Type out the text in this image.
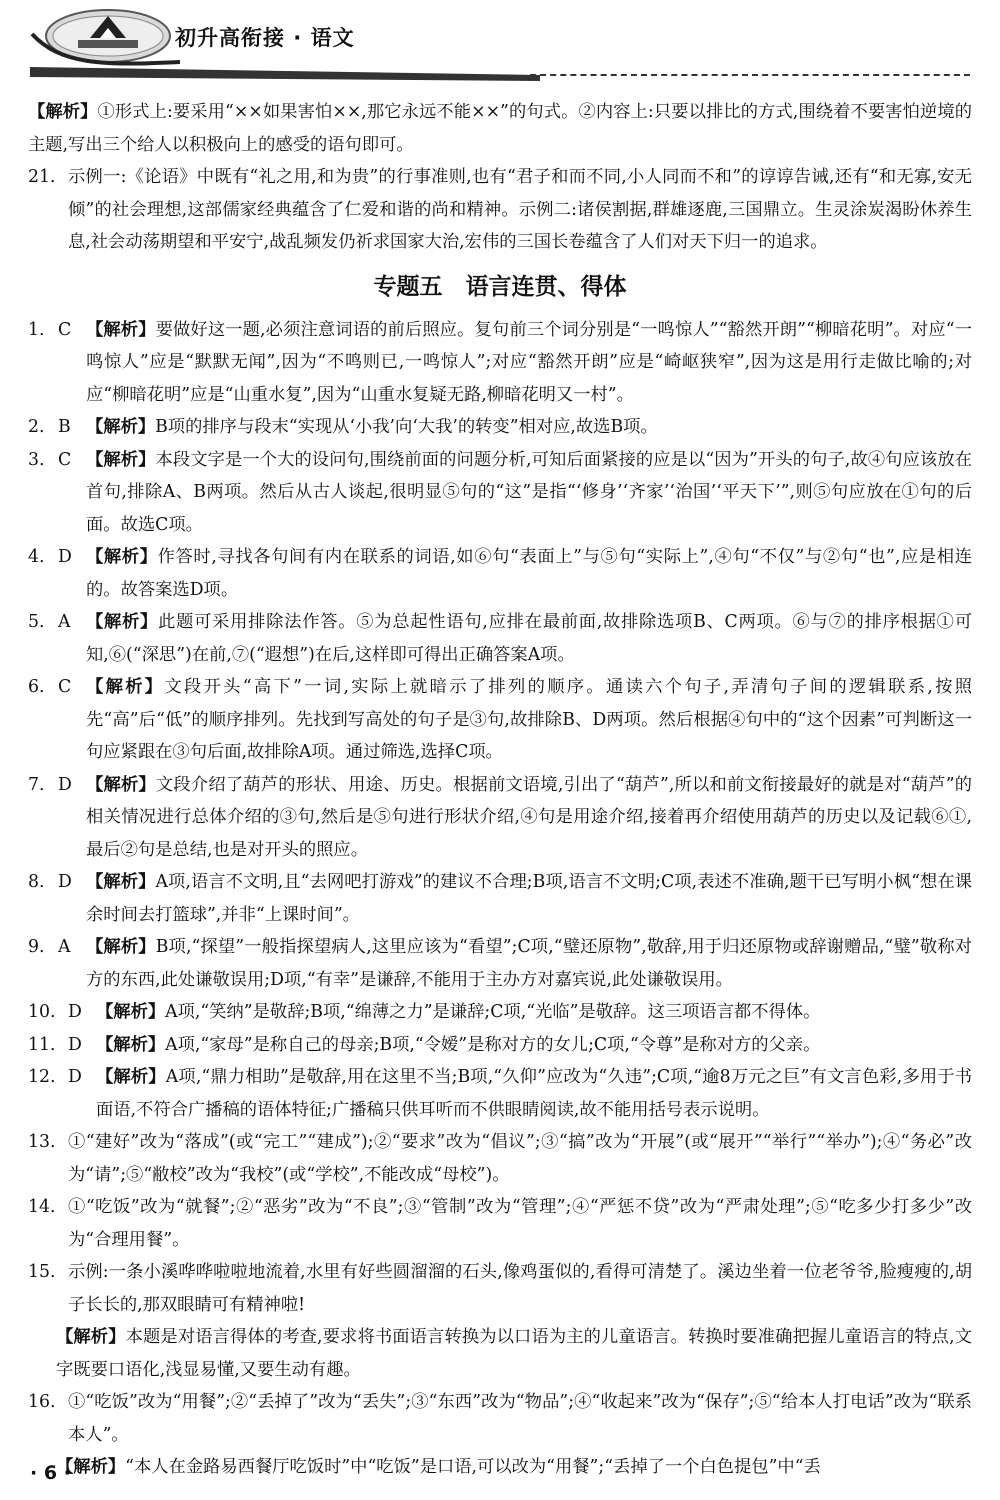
初升高衔接 · 语文

【解析】①形式上:要采用“××如果害怕××,那它永远不能××”的句式。②内容上:只要以排比的方式,围绕着不要害怕逆境的主题,写出三个给人以积极向上的感受的语句即可。

21. 示例一:《论语》中既有“礼之用,和为贵”的行事准则,也有“君子和而不同,小人同而不和”的谆谆告诫,还有“和无寡,安无倾”的社会理想,这部儒家经典蕴含了仁爱和谐的尚和精神。示例二:诸侯割据,群雄逐鹿,三国鼎立。生灵涂炭渴盼休养生息,社会动荡期望和平安宁,战乱频发仍祈求国家大治,宏伟的三国长卷蕴含了人们对天下归一的追求。
专题五　语言连贯、得体
1. C 【解析】要做好这一题,必须注意词语的前后照应。复句前三个词分别是“一鸣惊人”“豁然开朗”“柳暗花明”。对应“一鸣惊人”应是“默默无闻”,因为“不鸣则已,一鸣惊人”;对应“豁然开朗”应是“崎岖狭窄”,因为这是用行走做比喻的;对应“柳暗花明”应是“山重水复”,因为“山重水复疑无路,柳暗花明又一村”。
2. B 【解析】B项的排序与段末“实现从‘小我’向‘大我’的转变”相对应,故选B项。
3. C 【解析】本段文字是一个大的设问句,围绕前面的问题分析,可知后面紧接的应是以“因为”开头的句子,故④句应该放在首句,排除A、B两项。然后从古人谈起,很明显⑤句的“这”是指“‘修身’‘齐家’‘治国’‘平天下’”,则⑤句应放在①句的后面。故选C项。
4. D 【解析】作答时,寻找各句间有内在联系的词语,如⑥句“表面上”与⑤句“实际上”,④句“不仅”与②句“也”,应是相连的。故答案选D项。
5. A 【解析】此题可采用排除法作答。⑤为总起性语句,应排在最前面,故排除选项B、C两项。⑥与⑦的排序根据①可知,⑥(“深思”)在前,⑦(“遐想”)在后,这样即可得出正确答案A项。
6. C 【解析】文段开头“高下”一词,实际上就暗示了排列的顺序。通读六个句子,弄清句子间的逻辑联系,按照先“高”后“低”的顺序排列。先找到写高处的句子是③句,故排除B、D两项。然后根据④句中的“这个因素”可判断这一句应紧跟在③句后面,故排除A项。通过筛选,选择C项。
7. D 【解析】文段介绍了葫芦的形状、用途、历史。根据前文语境,引出了“葫芦”,所以和前文衔接最好的就是对“葫芦”的相关情况进行总体介绍的③句,然后是⑤句进行形状介绍,④句是用途介绍,接着再介绍使用葫芦的历史以及记载⑥①,最后②句是总结,也是对开头的照应。
8. D 【解析】A项,语言不文明,且“去网吧打游戏”的建议不合理;B项,语言不文明;C项,表述不准确,题干已写明小枫“想在课余时间去打篮球”,并非“上课时间”。
9. A 【解析】B项,“探望”一般指探望病人,这里应该为“看望”;C项,“璧还原物”,敬辞,用于归还原物或辞谢赠品,“璧”敬称对方的东西,此处谦敬误用;D项,“有幸”是谦辞,不能用于主办方对嘉宾说,此处谦敬误用。
10. D 【解析】A项,“笑纳”是敬辞;B项,“绵薄之力”是谦辞;C项,“光临”是敬辞。这三项语言都不得体。
11. D 【解析】A项,“家母”是称自己的母亲;B项,“令嫒”是称对方的女儿;C项,“令尊”是称对方的父亲。
12. D 【解析】A项,“鼎力相助”是敬辞,用在这里不当;B项,“久仰”应改为“久违”;C项,“逾8万元之巨”有文言色彩,多用于书面语,不符合广播稿的语体特征;广播稿只供耳听而不供眼睛阅读,故不能用括号表示说明。
13. ①“建好”改为“落成”(或“完工”“建成”);②“要求”改为“倡议”;③“搞”改为“开展”(或“展开”“举行”“举办”);④“务必”改为“请”;⑤“敝校”改为“我校”(或“学校”,不能改成“母校”)。
14. ①“吃饭”改为“就餐”;②“恶劣”改为“不良”;③“管制”改为“管理”;④“严惩不贷”改为“严肃处理”;⑤“吃多少打多少”改为“合理用餐”。
15. 示例:一条小溪哗哗啦啦地流着,水里有好些圆溜溜的石头,像鸡蛋似的,看得可清楚了。溪边坐着一位老爷爷,脸瘦瘦的,胡子长长的,那双眼睛可有精神啦!
【解析】本题是对语言得体的考查,要求将书面语言转换为以口语为主的儿童语言。转换时要准确把握儿童语言的特点,文字既要口语化,浅显易懂,又要生动有趣。
16. ①“吃饭”改为“用餐”;②“丢掉了”改为“丢失”;③“东西”改为“物品”;④“收起来”改为“保存”;⑤“给本人打电话”改为“联系本人”。
【解析】“本人在金路易西餐厅吃饭时”中“吃饭”是口语,可以改为“用餐”;“丢掉了一个白色提包”中“丢
· 6 ·
